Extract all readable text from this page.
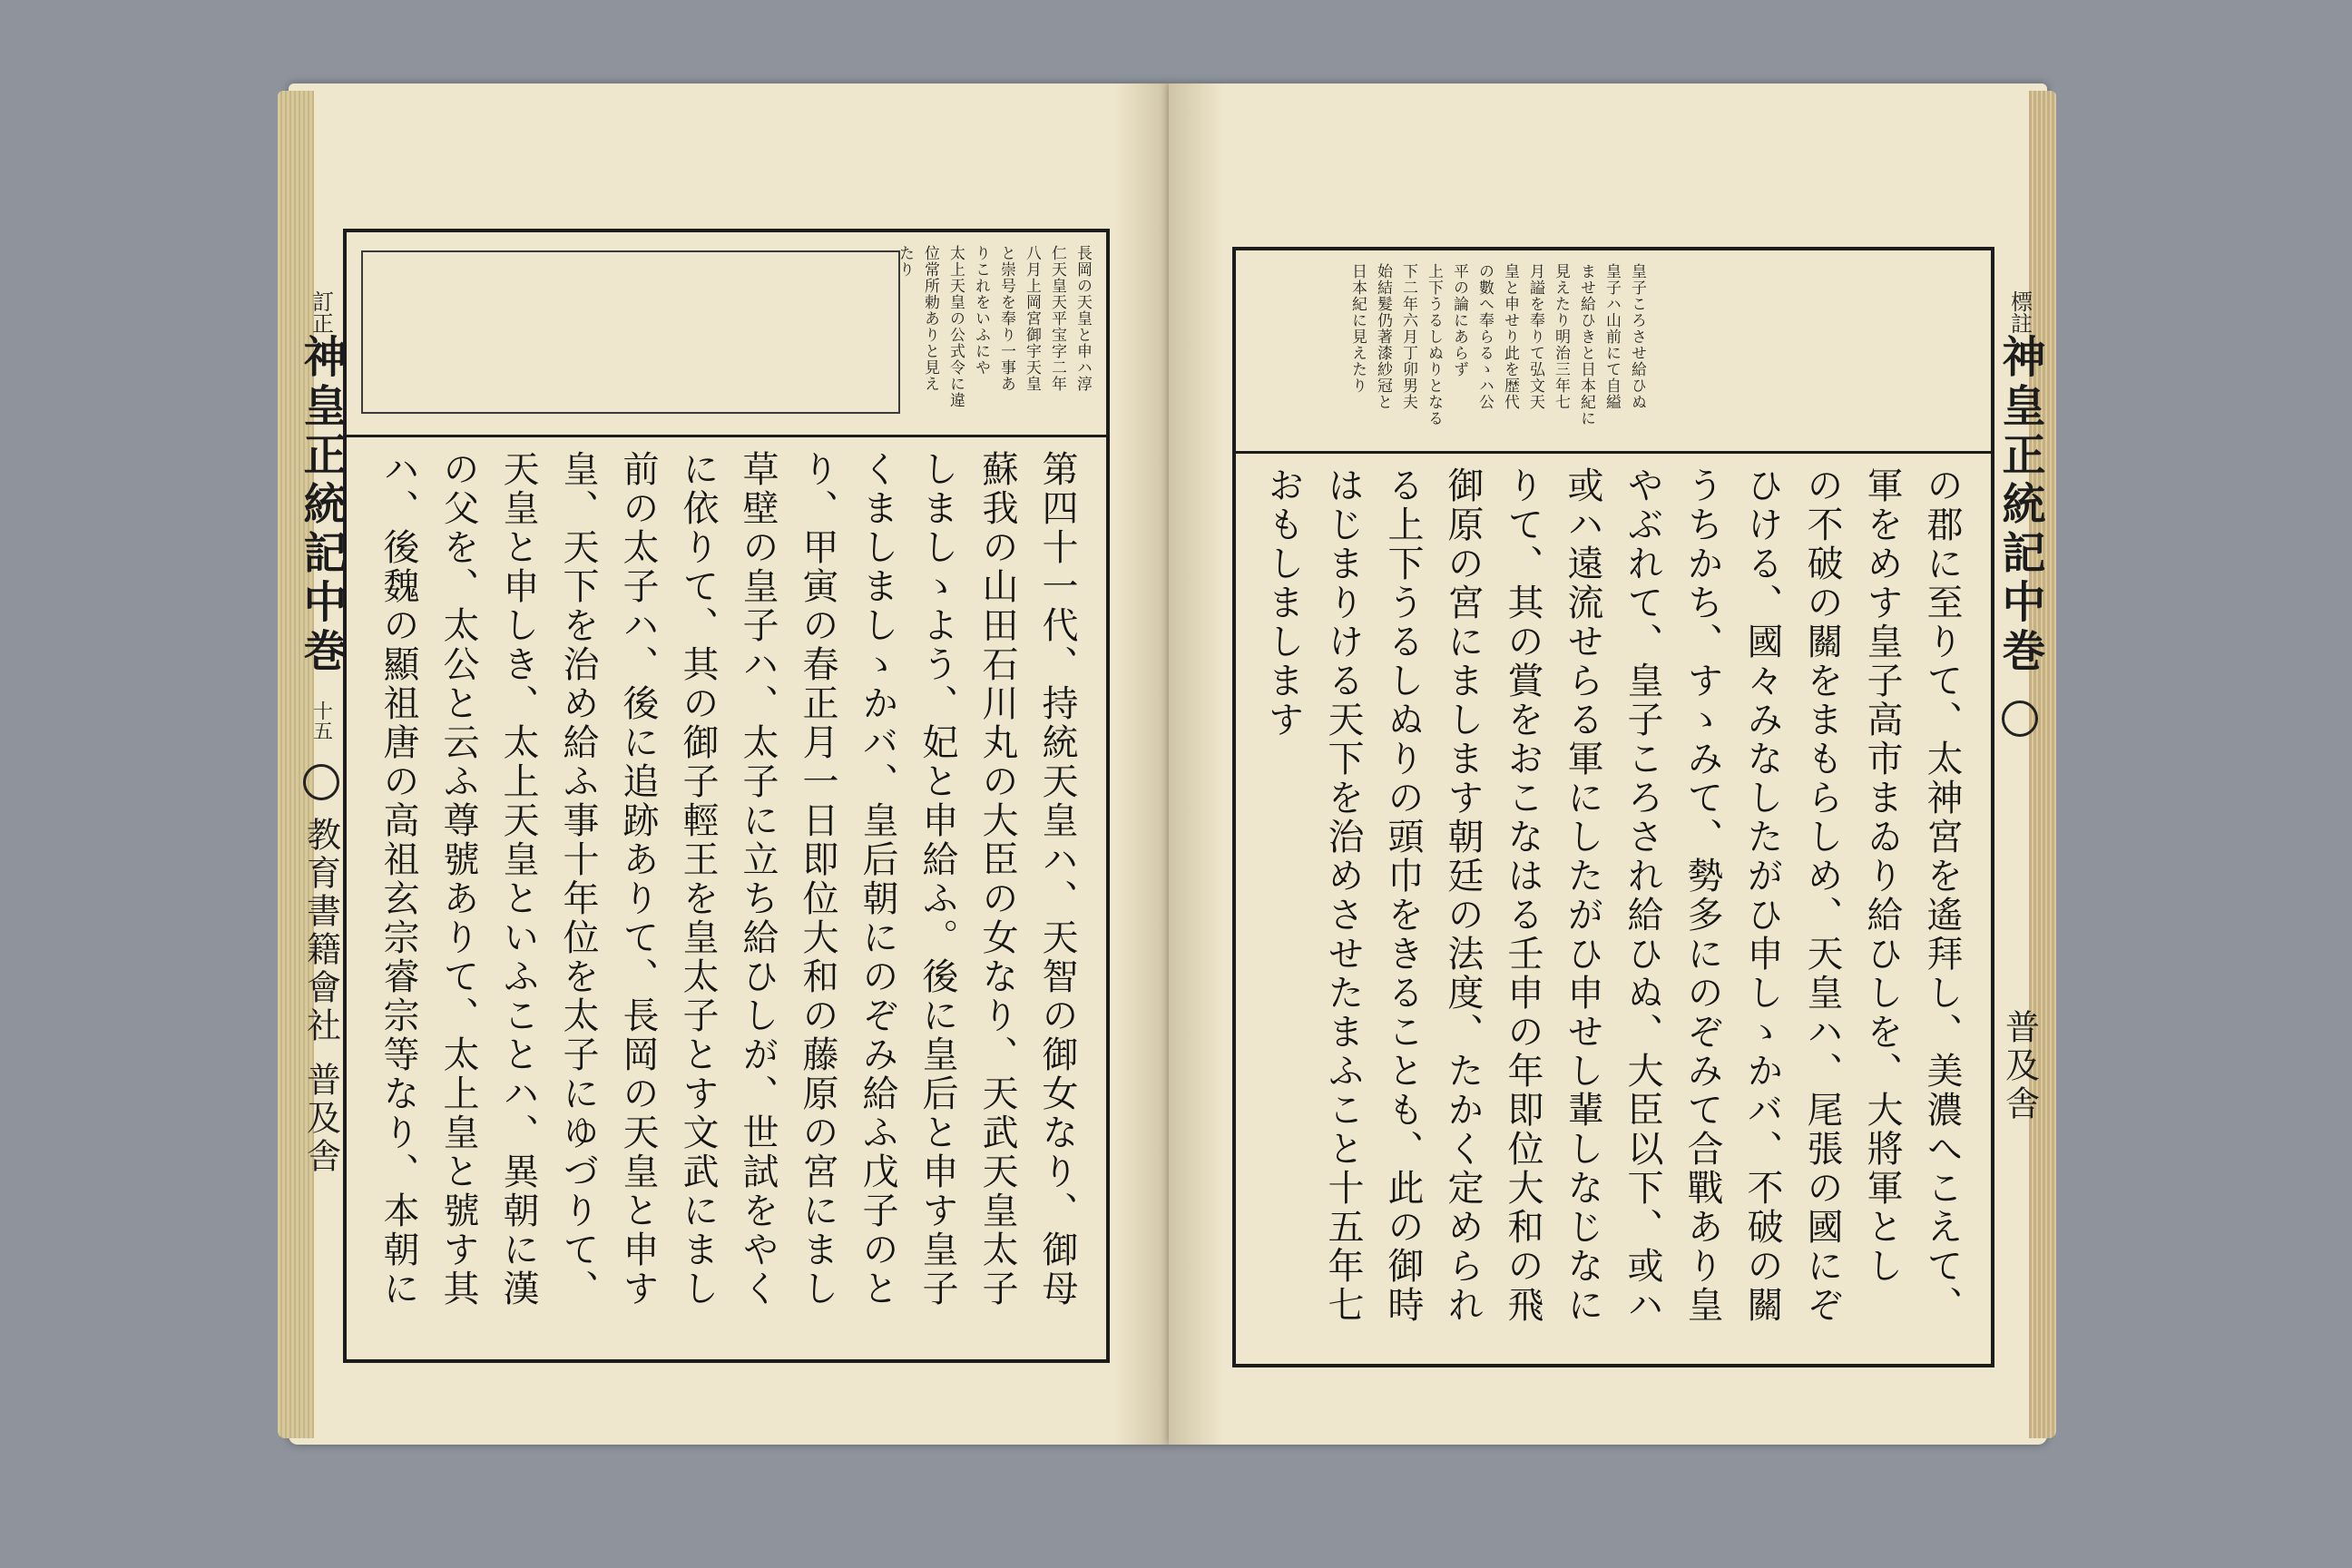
訂正
神皇正統記中巻
十五
教育書籍會社
普及舎
長岡の天皇と申ハ淳
仁天皇天平宝字二年
八月上岡宮御宇天皇
と崇号を奉り一事あ
りこれをいふにや
太上天皇の公式令に違
位常所勅ありと見え
たり
第四十一代、持統天皇ハ、天智の御女なり、御母
蘇我の山田石川丸の大臣の女なり、天武天皇太子
しましゝよう、妃と申給ふ。後に皇后と申す皇子
くましましゝかバ、皇后朝にのぞみ給ふ戊子のと
り、甲寅の春正月一日即位大和の藤原の宮にまし
草壁の皇子ハ、太子に立ち給ひしが、世試をやく
に依りて、其の御子輕王を皇太子とす文武にまし
前の太子ハ、後に追跡ありて、長岡の天皇と申す
皇、天下を治め給ふ事十年位を太子にゆづりて、
天皇と申しき、太上天皇といふことハ、異朝に漢
の父を、太公と云ふ尊號ありて、太上皇と號す其
ハ、後魏の顯祖唐の高祖玄宗睿宗等なり、本朝に
標註
神皇正統記中巻
普及舎
皇子ころさせ給ひぬ
皇子ハ山前にて自縊
ませ給ひきと日本紀に
見えたり明治三年七
月謚を奉りて弘文天
皇と申せり此を歴代
の數へ奉らるゝハ公
平の論にあらず
上下うるしぬりとなる
下二年六月丁卯男夫
始結髮仍著漆紗冠と
日本紀に見えたり
の郡に至りて、太神宮を遙拜し、美濃へこえて、
軍をめす皇子高市まゐり給ひしを、大將軍とし
の不破の關をまもらしめ、天皇ハ、尾張の國にぞ
ひける、國々みなしたがひ申しゝかバ、不破の關
うちかち、すゝみて、勢多にのぞみて合戰あり皇
やぶれて、皇子ころされ給ひぬ、大臣以下、或ハ
或ハ遠流せらる軍にしたがひ申せし輩しなじなに
りて、其の賞をおこなはる壬申の年即位大和の飛
御原の宮にまします朝廷の法度、たかく定められ
る上下うるしぬりの頭巾をきることも、此の御時
はじまりける天下を治めさせたまふこと十五年七
おもしまします
